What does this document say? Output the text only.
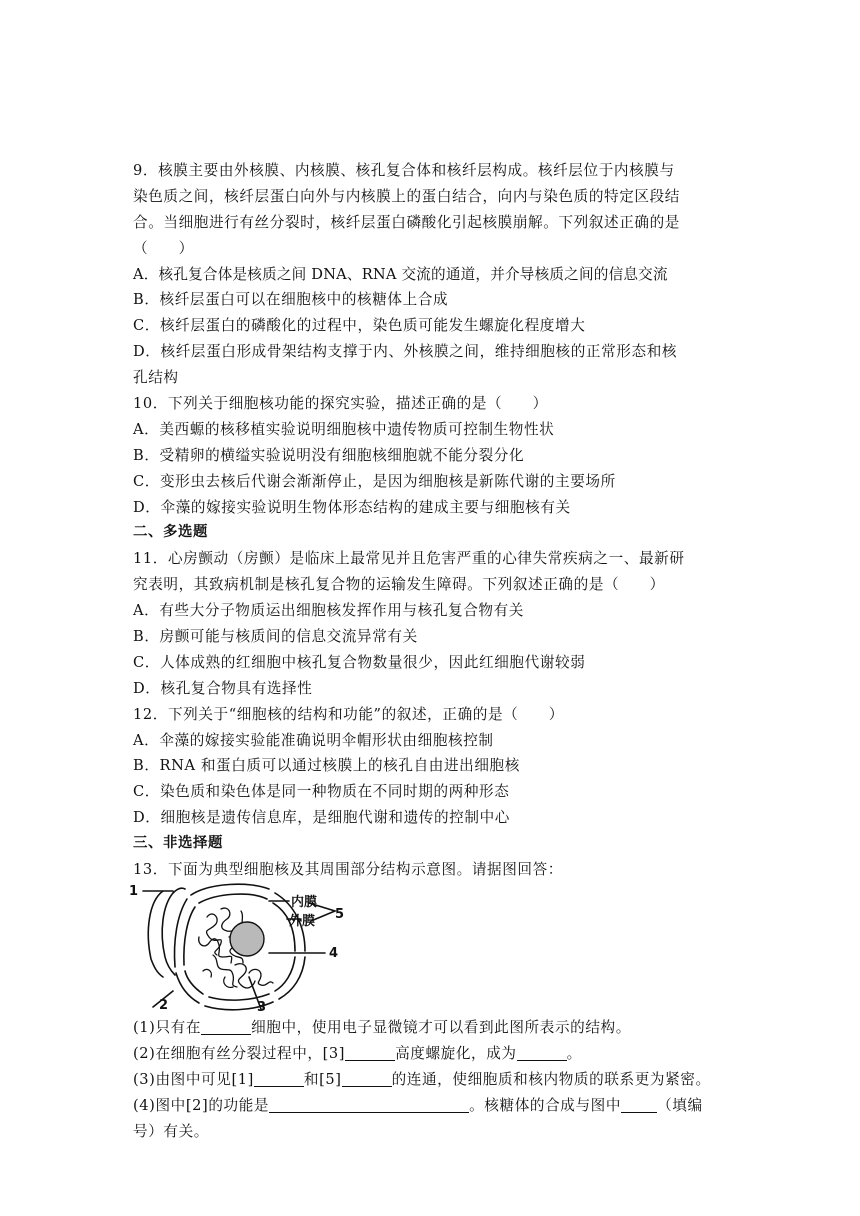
9．核膜主要由外核膜、内核膜、核孔复合体和核纤层构成。核纤层位于内核膜与
染色质之间，核纤层蛋白向外与内核膜上的蛋白结合，向内与染色质的特定区段结
合。当细胞进行有丝分裂时，核纤层蛋白磷酸化引起核膜崩解。下列叙述正确的是
（　　）
A．核孔复合体是核质之间 DNA、RNA 交流的通道，并介导核质之间的信息交流
B．核纤层蛋白可以在细胞核中的核糖体上合成
C．核纤层蛋白的磷酸化的过程中，染色质可能发生螺旋化程度增大
D．核纤层蛋白形成骨架结构支撑于内、外核膜之间，维持细胞核的正常形态和核
孔结构
10．下列关于细胞核功能的探究实验，描述正确的是（　　）
A．美西螈的核移植实验说明细胞核中遗传物质可控制生物性状
B．受精卵的横缢实验说明没有细胞核细胞就不能分裂分化
C．变形虫去核后代谢会渐渐停止，是因为细胞核是新陈代谢的主要场所
D．伞藻的嫁接实验说明生物体形态结构的建成主要与细胞核有关
二、多选题
11．心房颤动（房颤）是临床上最常见并且危害严重的心律失常疾病之一、最新研
究表明，其致病机制是核孔复合物的运输发生障碍。下列叙述正确的是（　　）
A．有些大分子物质运出细胞核发挥作用与核孔复合物有关
B．房颤可能与核质间的信息交流异常有关
C．人体成熟的红细胞中核孔复合物数量很少，因此红细胞代谢较弱
D．核孔复合物具有选择性
12．下列关于“细胞核的结构和功能”的叙述，正确的是（　　）
A．伞藻的嫁接实验能准确说明伞帽形状由细胞核控制
B．RNA 和蛋白质可以通过核膜上的核孔自由进出细胞核
C．染色质和染色体是同一种物质在不同时期的两种形态
D．细胞核是遗传信息库，是细胞代谢和遗传的控制中心
三、非选择题
13．下面为典型细胞核及其周围部分结构示意图。请据图回答：
1
内膜
5
外膜
4
2	3
(1)只有在	细胞中，使用电子显微镜才可以看到此图所表示的结构。
(2)在细胞有丝分裂过程中，[3]	高度螺旋化，成为	。
(3)由图中可见[1]	和[5]	的连通，使细胞质和核内物质的联系更为紧密。
(4)图中[2]的功能是	。核糖体的合成与图中 （填编
号）有关。
